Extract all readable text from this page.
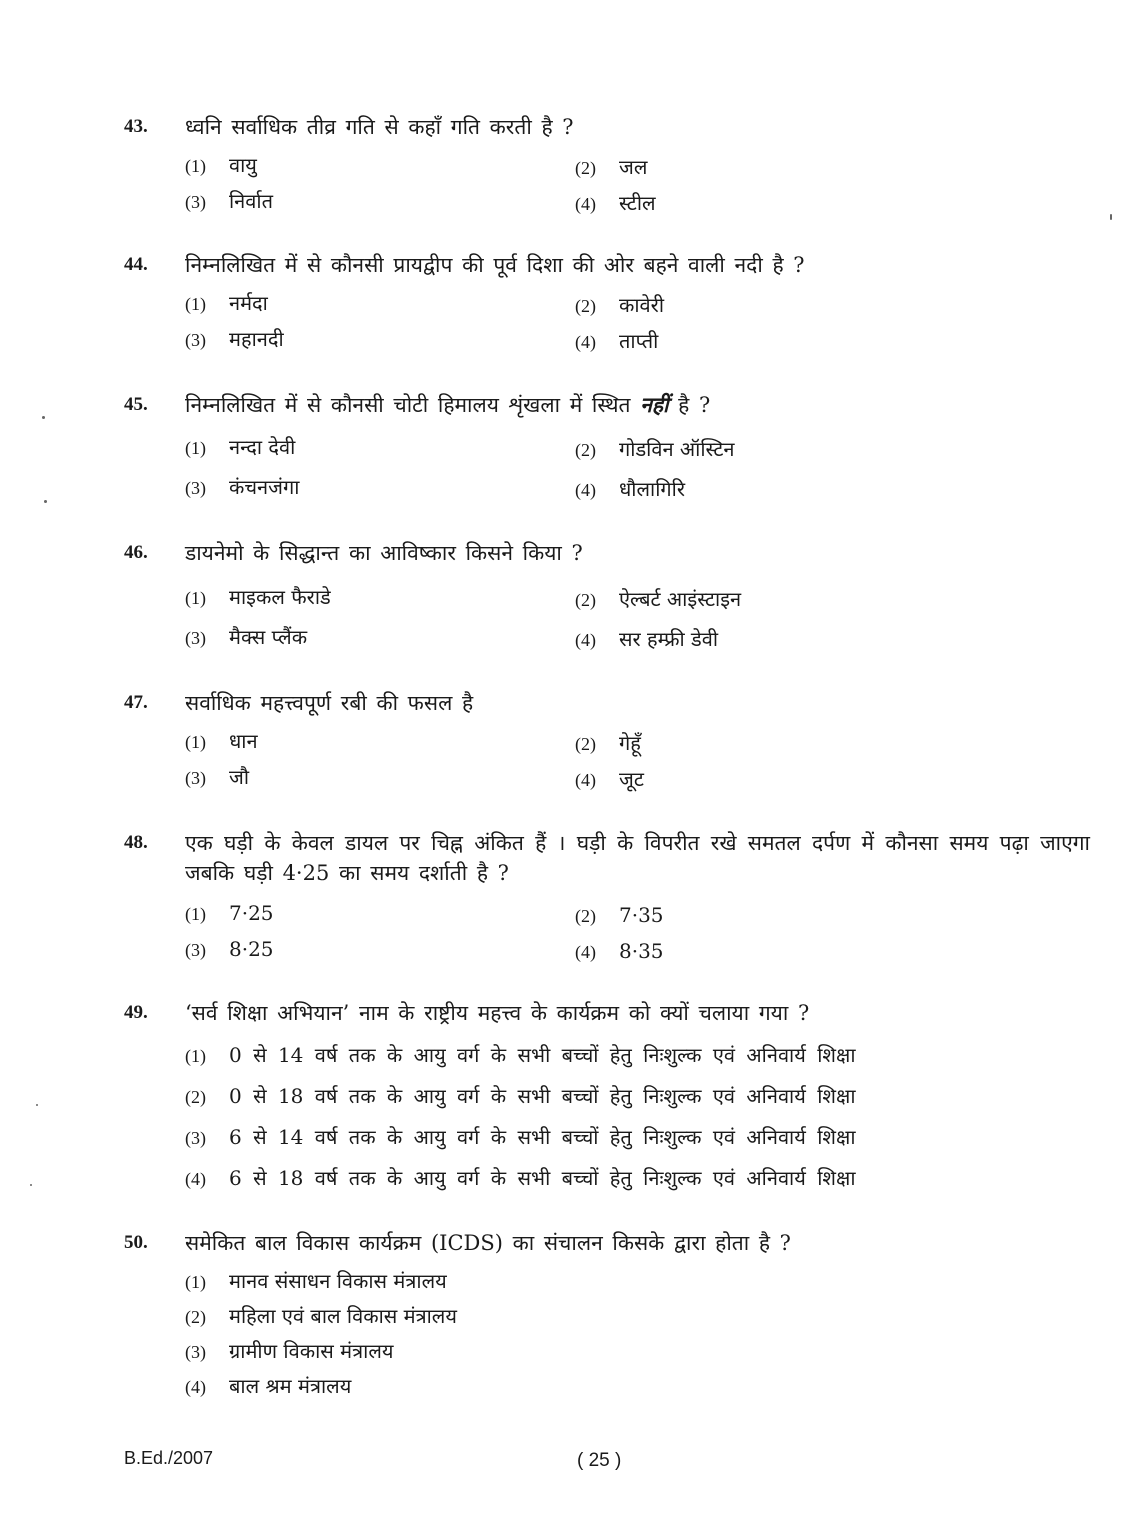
43. ध्वनि सर्वाधिक तीव्र गति से कहाँ गति करती है ?
(1) वायु	(2) जल
(3) निर्वात	(4) स्टील
44. निम्नलिखित में से कौनसी प्रायद्वीप की पूर्व दिशा की ओर बहने वाली नदी है ?
(1) नर्मदा	(2) कावेरी
(3) महानदी	(4) ताप्ती
45. निम्नलिखित में से कौनसी चोटी हिमालय शृंखला में स्थित नहीं है ?
(1) नन्दा देवी	(2) गोडविन ऑस्टिन
(3) कंचनजंगा	(4) धौलागिरि
46. डायनेमो के सिद्धान्त का आविष्कार किसने किया ?
(1) माइकल फैराडे	(2) ऐल्बर्ट आइंस्टाइन
(3) मैक्स प्लैंक	(4) सर हम्फ्री डेवी
47. सर्वाधिक महत्त्वपूर्ण रबी की फसल है
(1) धान	(2) गेहूँ
(3) जौ	(4) जूट
48. एक घड़ी के केवल डायल पर चिह्न अंकित हैं । घड़ी के विपरीत रखे समतल दर्पण में कौनसा समय पढ़ा जाएगा जबकि घड़ी 4·25 का समय दर्शाती है ?
(1) 7·25	(2) 7·35
(3) 8·25	(4) 8·35
49. ‘सर्व शिक्षा अभियान’ नाम के राष्ट्रीय महत्त्व के कार्यक्रम को क्यों चलाया गया ?
(1) 0 से 14 वर्ष तक के आयु वर्ग के सभी बच्चों हेतु निःशुल्क एवं अनिवार्य शिक्षा
(2) 0 से 18 वर्ष तक के आयु वर्ग के सभी बच्चों हेतु निःशुल्क एवं अनिवार्य शिक्षा
(3) 6 से 14 वर्ष तक के आयु वर्ग के सभी बच्चों हेतु निःशुल्क एवं अनिवार्य शिक्षा
(4) 6 से 18 वर्ष तक के आयु वर्ग के सभी बच्चों हेतु निःशुल्क एवं अनिवार्य शिक्षा
50. समेकित बाल विकास कार्यक्रम (ICDS) का संचालन किसके द्वारा होता है ?
(1) मानव संसाधन विकास मंत्रालय
(2) महिला एवं बाल विकास मंत्रालय
(3) ग्रामीण विकास मंत्रालय
(4) बाल श्रम मंत्रालय
B.Ed./2007	( 25 )
